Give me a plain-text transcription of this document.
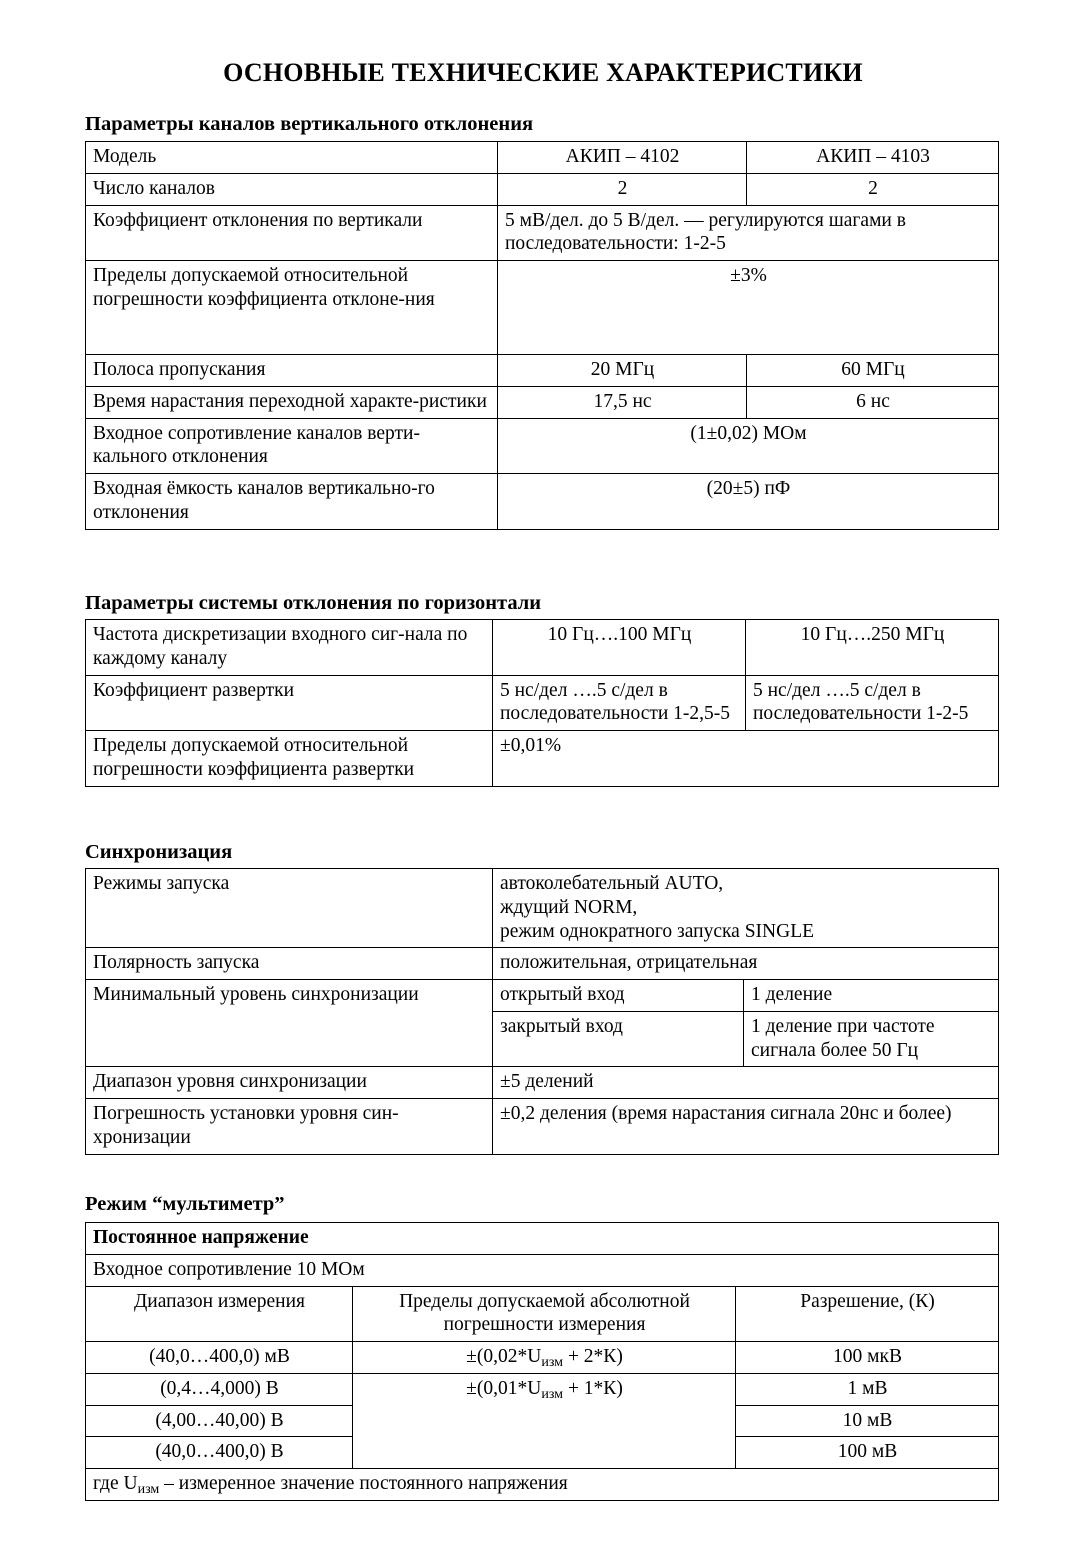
ОСНОВНЫЕ ТЕХНИЧЕСКИЕ ХАРАКТЕРИСТИКИ
Параметры каналов вертикального отклонения
Модель	АКИП – 4102	АКИП – 4103
Число каналов	2	2
Коэффициент отклонения по вертикали	5 мВ/дел. до 5 В/дел. — регулируются шагами в последовательности: 1-2-5	
Пределы допускаемой относительной погрешности коэффициента отклоне-ния	±3%	
Полоса пропускания	20 МГц	60 МГц
Время нарастания переходной характе-ристики	17,5 нс	6 нс
Входное сопротивление каналов верти-кального отклонения	(1±0,02) МОм	
Входная ёмкость каналов вертикально-го отклонения	(20±5) пФ	
Параметры системы отклонения по горизонтали
Частота дискретизации входного сиг-нала по каждому каналу	10 Гц….100 МГц	10 Гц….250 МГц
Коэффициент развертки	5 нс/дел ….5 с/дел в последовательности 1-2,5-5	5 нс/дел ….5 с/дел в последовательности 1-2-5
Пределы допускаемой относительной погрешности коэффициента развертки	±0,01%	
Синхронизация
Режимы запуска	автоколебательный AUTO,
ждущий NORM,
режим однократного запуска SINGLE	

Полярность запуска	положительная, отрицательная	
Минимальный уровень синхронизации	открытый вход	1 деление
	закрытый вход	1 деление при частоте сигнала более 50 Гц
Диапазон уровня синхронизации	±5 делений	
Погрешность установки уровня син-хронизации	±0,2 деления (время нарастания сигнала 20нс и более)	
Режим “мультиметр”
Постоянное напряжение		
Входное сопротивление 10 МОм		
Диапазон измерения	Пределы допускаемой абсолютной погрешности измерения	Разрешение, (К)
(40,0…400,0) мВ	$\pm(0,02*U_{изм} + 2*К)$	100 мкВ
(0,4…4,000) В	$\pm(0,01*U_{изм} + 1*К)$	1 мВ
(4,00…40,00) В		10 мВ
(40,0…400,0) В		100 мВ
где $U_{изм}$ – измеренное значение постоянного напряжения		
